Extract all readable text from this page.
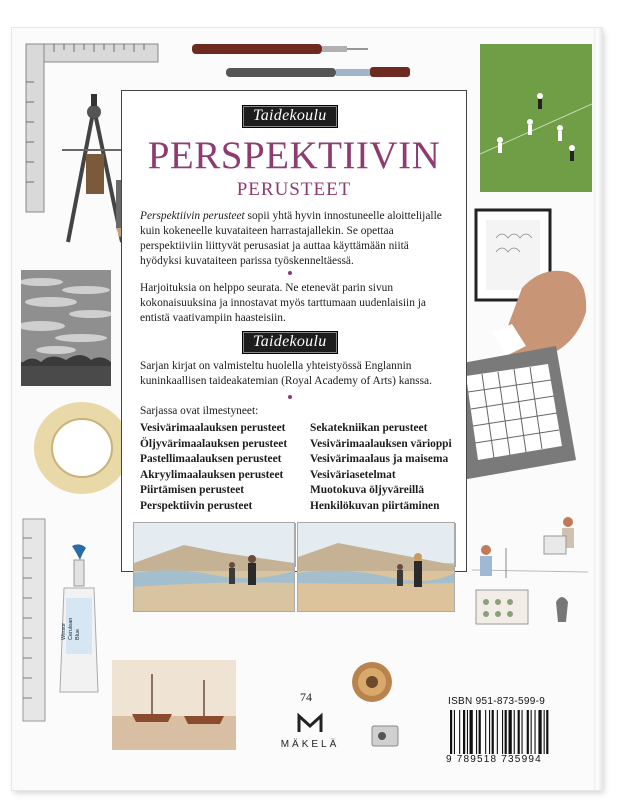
Winsor Cerulean Blue
Taidekoulu
PERSPEKTIIVIN
PERUSTEET
Perspektiivin perusteet sopii yhtä hyvin innostuneelle aloittelijalle
kuin kokeneelle kuvataiteen harrastajallekin. Se opettaa
perspektiiviin liittyvät perusasiat ja auttaa käyttämään niitä
hyödyksi kuvataiteen parissa työskenneltäessä.
Harjoituksia on helppo seurata. Ne etenevät parin sivun
kokonaisuuksina ja innostavat myös tarttumaan uudenlaisiin ja
entistä vaativampiin haasteisiin.
Taidekoulu
Sarjan kirjat on valmisteltu huolella yhteistyössä Englannin
kuninkaallisen taideakatemian (Royal Academy of Arts) kanssa.
Sarjassa ovat ilmestyneet:
Vesivärimaalauksen perusteet
Öljyvärimaalauksen perusteet
Pastellimaalauksen perusteet
Akryylimaalauksen perusteet
Piirtämisen perusteet
Perspektiivin perusteet
Sekatekniikan perusteet
Vesivärimaalauksen värioppi
Vesivärimaalaus ja maisema
Vesiväriasetelmat
Muotokuva öljyväreillä
Henkilökuvan piirtäminen
74
MÄKELÄ
ISBN 951-873-599-9
9 789518 735994
